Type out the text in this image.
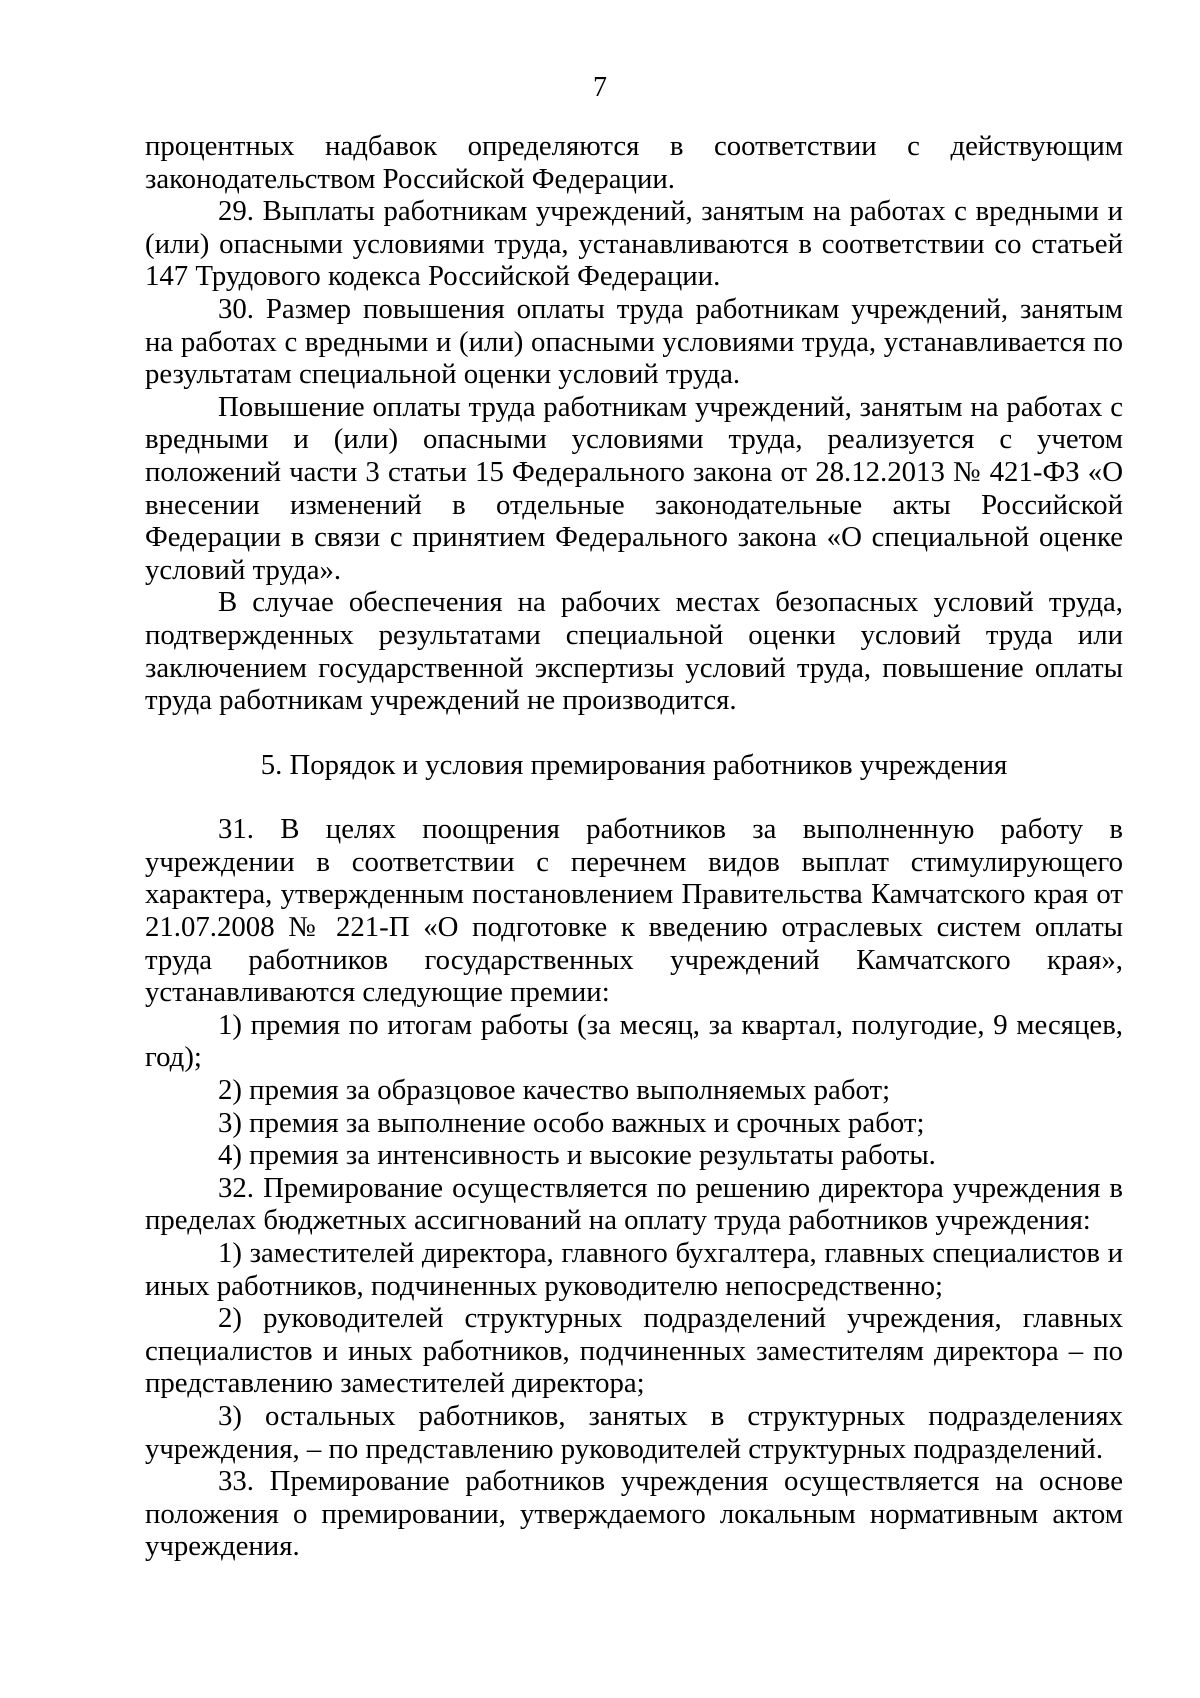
7

процентных надбавок определяются в соответствии с действующим законодательством Российской Федерации.

29. Выплаты работникам учреждений, занятым на работах с вредными и (или) опасными условиями труда, устанавливаются в соответствии со статьей 147 Трудового кодекса Российской Федерации.

30. Размер повышения оплаты труда работникам учреждений, занятым на работах с вредными и (или) опасными условиями труда, устанавливается по результатам специальной оценки условий труда.

Повышение оплаты труда работникам учреждений, занятым на работах с вредными и (или) опасными условиями труда, реализуется с учетом положений части 3 статьи 15 Федерального закона от 28.12.2013 № 421-ФЗ «О внесении изменений в отдельные законодательные акты Российской Федерации в связи с принятием Федерального закона «О специальной оценке условий труда».

В случае обеспечения на рабочих местах безопасных условий труда, подтвержденных результатами специальной оценки условий труда или заключением государственной экспертизы условий труда, повышение оплаты труда работникам учреждений не производится.

5. Порядок и условия премирования работников учреждения

31. В целях поощрения работников за выполненную работу в учреждении в соответствии с перечнем видов выплат стимулирующего характера, утвержденным постановлением Правительства Камчатского края от 21.07.2008 № 221-П «О подготовке к введению отраслевых систем оплаты труда работников государственных учреждений Камчатского края», устанавливаются следующие премии:

1) премия по итогам работы (за месяц, за квартал, полугодие, 9 месяцев, год);

2) премия за образцовое качество выполняемых работ;

3) премия за выполнение особо важных и срочных работ;

4) премия за интенсивность и высокие результаты работы.

32. Премирование осуществляется по решению директора учреждения в пределах бюджетных ассигнований на оплату труда работников учреждения:

1) заместителей директора, главного бухгалтера, главных специалистов и иных работников, подчиненных руководителю непосредственно;

2) руководителей структурных подразделений учреждения, главных специалистов и иных работников, подчиненных заместителям директора – по представлению заместителей директора;

3) остальных работников, занятых в структурных подразделениях учреждения, – по представлению руководителей структурных подразделений.

33. Премирование работников учреждения осуществляется на основе положения о премировании, утверждаемого локальным нормативным актом учреждения.
